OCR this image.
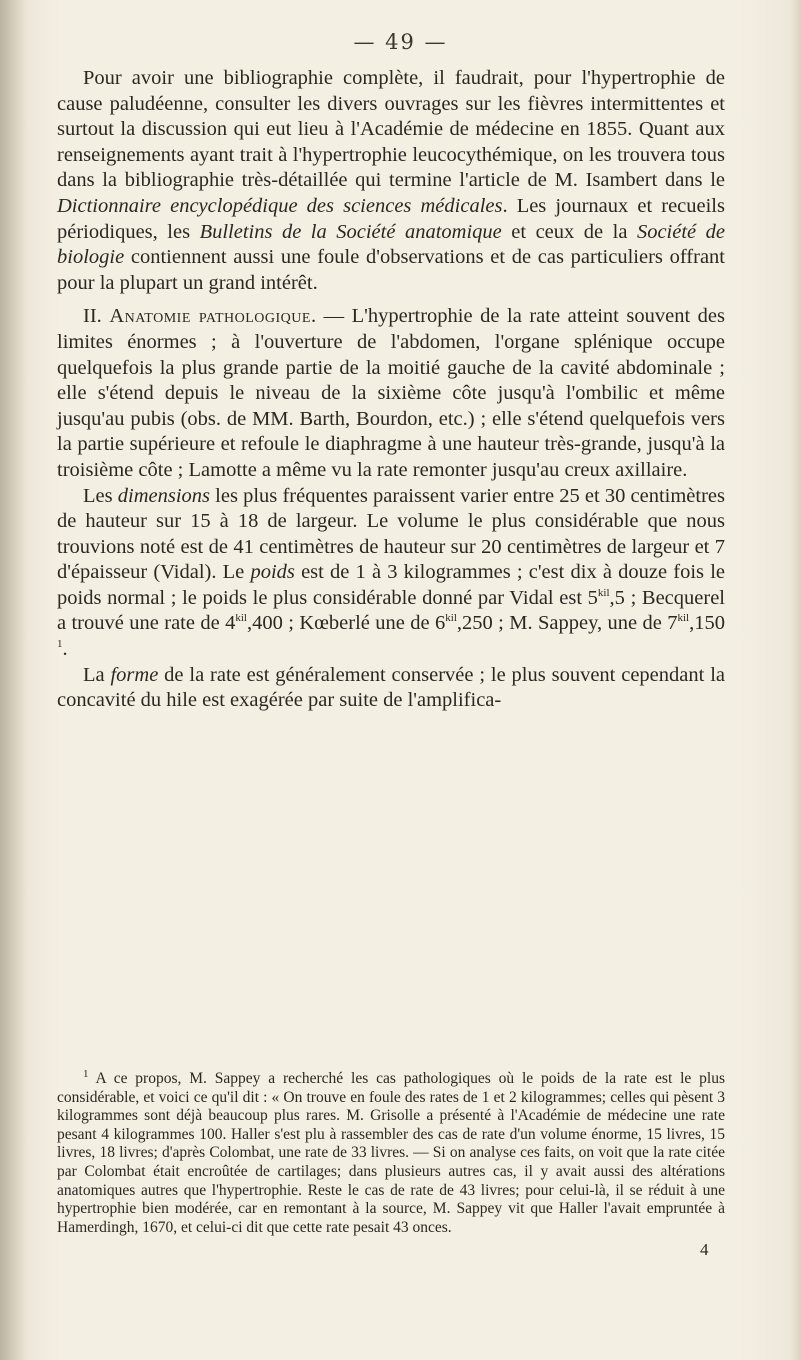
— 49 —

Pour avoir une bibliographie complète, il faudrait, pour l'hypertrophie de cause paludéenne, consulter les divers ouvrages sur les fièvres intermittentes et surtout la discussion qui eut lieu à l'Académie de médecine en 1855. Quant aux renseignements ayant trait à l'hypertrophie leucocythémique, on les trouvera tous dans la bibliographie très-détaillée qui termine l'article de M. Isambert dans le Dictionnaire encyclopédique des sciences médicales. Les journaux et recueils périodiques, les Bulletins de la Société anatomique et ceux de la Société de biologie contiennent aussi une foule d'observations et de cas particuliers offrant pour la plupart un grand intérêt.

II. Anatomie pathologique. — L'hypertrophie de la rate atteint souvent des limites énormes ; à l'ouverture de l'abdomen, l'organe splénique occupe quelquefois la plus grande partie de la moitié gauche de la cavité abdominale ; elle s'étend depuis le niveau de la sixième côte jusqu'à l'ombilic et même jusqu'au pubis (obs. de MM. Barth, Bourdon, etc.) ; elle s'étend quelquefois vers la partie supérieure et refoule le diaphragme à une hauteur très-grande, jusqu'à la troisième côte ; Lamotte a même vu la rate remonter jusqu'au creux axillaire.

Les dimensions les plus fréquentes paraissent varier entre 25 et 30 centimètres de hauteur sur 15 à 18 de largeur. Le volume le plus considérable que nous trouvions noté est de 41 centimètres de hauteur sur 20 centimètres de largeur et 7 d'épaisseur (Vidal). Le poids est de 1 à 3 kilogrammes ; c'est dix à douze fois le poids normal ; le poids le plus considérable donné par Vidal est $5^{kil},5$ ; Becquerel a trouvé une rate de $4^{kil},400$ ; Kœberlé une de $6^{kil},250$ ; M. Sappey, une de $7^{kil},150$ $^1$.

La forme de la rate est généralement conservée ; le plus souvent cependant la concavité du hile est exagérée par suite de l'amplifica-

$^1$ A ce propos, M. Sappey a recherché les cas pathologiques où le poids de la rate est le plus considérable, et voici ce qu'il dit : « On trouve en foule des rates de 1 et 2 kilogrammes; celles qui pèsent 3 kilogrammes sont déjà beaucoup plus rares. M. Grisolle a présenté à l'Académie de médecine une rate pesant 4 kilogrammes 100. Haller s'est plu à rassembler des cas de rate d'un volume énorme, 15 livres, 15 livres, 18 livres; d'après Colombat, une rate de 33 livres. — Si on analyse ces faits, on voit que la rate citée par Colombat était encroûtée de cartilages; dans plusieurs autres cas, il y avait aussi des altérations anatomiques autres que l'hypertrophie. Reste le cas de rate de 43 livres; pour celui-là, il se réduit à une hypertrophie bien modérée, car en remontant à la source, M. Sappey vit que Haller l'avait empruntée à Hamerdingh, 1670, et celui-ci dit que cette rate pesait 43 onces.

4
